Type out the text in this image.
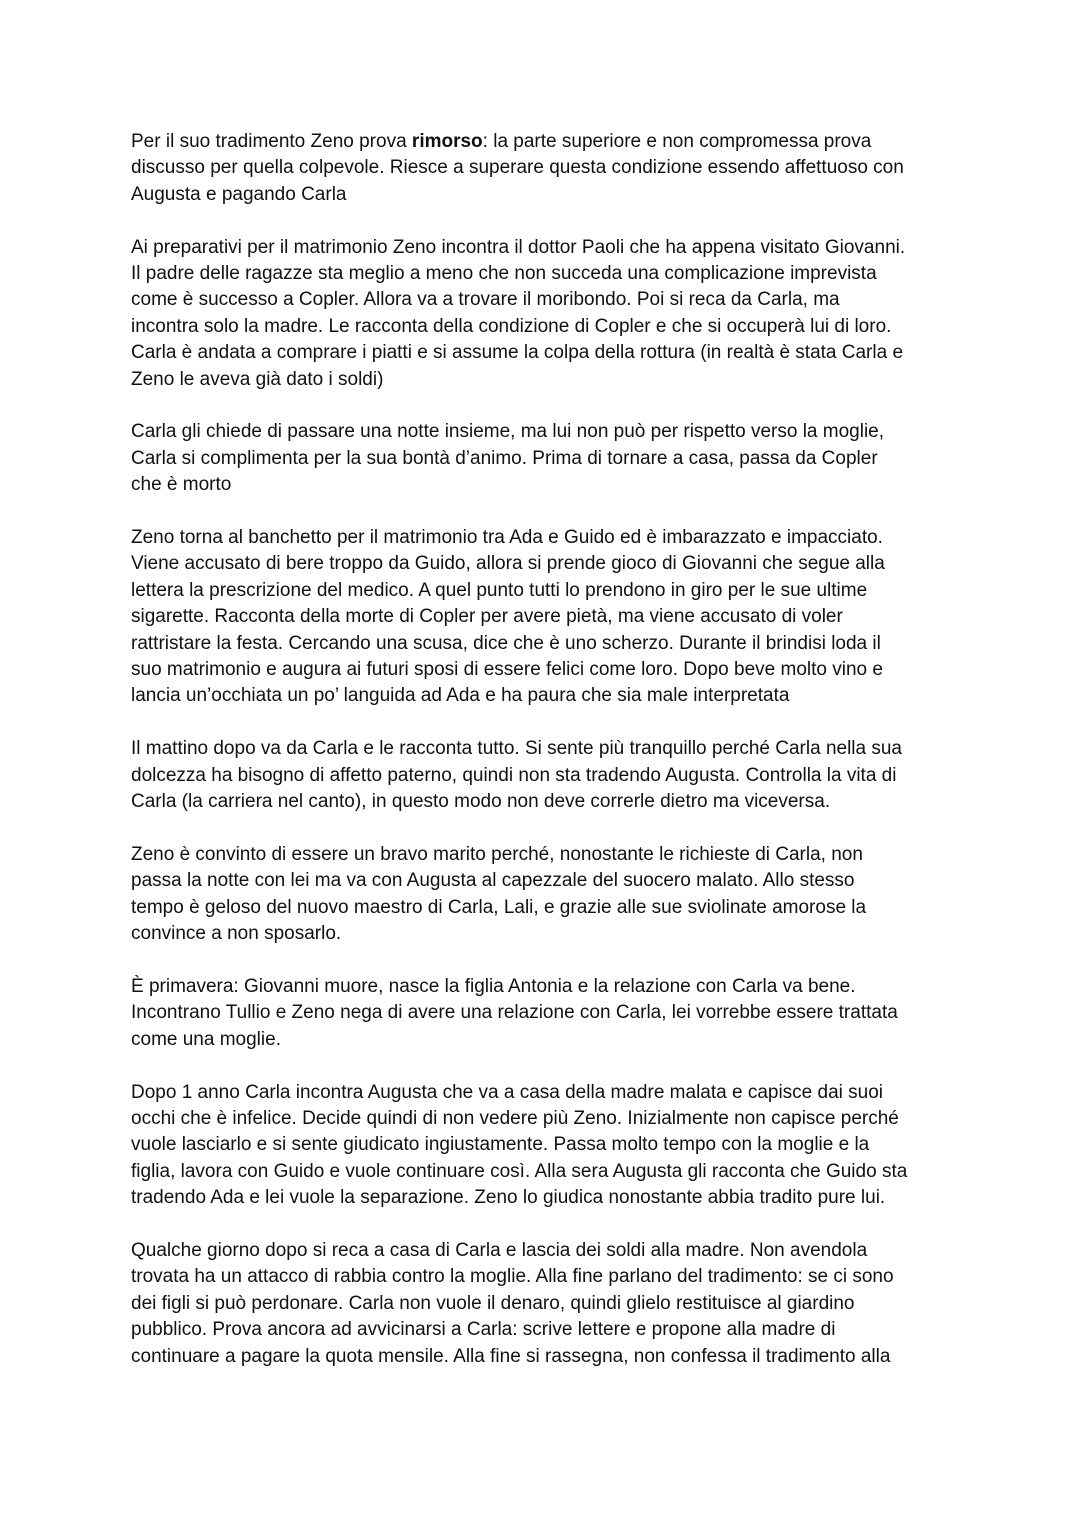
Per il suo tradimento Zeno prova rimorso: la parte superiore e non compromessa prova
discusso per quella colpevole. Riesce a superare questa condizione essendo affettuoso con
Augusta e pagando Carla

Ai preparativi per il matrimonio Zeno incontra il dottor Paoli che ha appena visitato Giovanni.
Il padre delle ragazze sta meglio a meno che non succeda una complicazione imprevista
come è successo a Copler. Allora va a trovare il moribondo. Poi si reca da Carla, ma
incontra solo la madre. Le racconta della condizione di Copler e che si occuperà lui di loro.
Carla è andata a comprare i piatti e si assume la colpa della rottura (in realtà è stata Carla e
Zeno le aveva già dato i soldi)

Carla gli chiede di passare una notte insieme, ma lui non può per rispetto verso la moglie,
Carla si complimenta per la sua bontà d’animo. Prima di tornare a casa, passa da Copler
che è morto

Zeno torna al banchetto per il matrimonio tra Ada e Guido ed è imbarazzato e impacciato.
Viene accusato di bere troppo da Guido, allora si prende gioco di Giovanni che segue alla
lettera la prescrizione del medico. A quel punto tutti lo prendono in giro per le sue ultime
sigarette. Racconta della morte di Copler per avere pietà, ma viene accusato di voler
rattristare la festa. Cercando una scusa, dice che è uno scherzo. Durante il brindisi loda il
suo matrimonio e augura ai futuri sposi di essere felici come loro. Dopo beve molto vino e
lancia un’occhiata un po’ languida ad Ada e ha paura che sia male interpretata

Il mattino dopo va da Carla e le racconta tutto. Si sente più tranquillo perché Carla nella sua
dolcezza ha bisogno di affetto paterno, quindi non sta tradendo Augusta. Controlla la vita di
Carla (la carriera nel canto), in questo modo non deve correrle dietro ma viceversa.

Zeno è convinto di essere un bravo marito perché, nonostante le richieste di Carla, non
passa la notte con lei ma va con Augusta al capezzale del suocero malato. Allo stesso
tempo è geloso del nuovo maestro di Carla, Lali, e grazie alle sue sviolinate amorose la
convince a non sposarlo.

È primavera: Giovanni muore, nasce la figlia Antonia e la relazione con Carla va bene.
Incontrano Tullio e Zeno nega di avere una relazione con Carla, lei vorrebbe essere trattata
come una moglie.

Dopo 1 anno Carla incontra Augusta che va a casa della madre malata e capisce dai suoi
occhi che è infelice. Decide quindi di non vedere più Zeno. Inizialmente non capisce perché
vuole lasciarlo e si sente giudicato ingiustamente. Passa molto tempo con la moglie e la
figlia, lavora con Guido e vuole continuare così. Alla sera Augusta gli racconta che Guido sta
tradendo Ada e lei vuole la separazione. Zeno lo giudica nonostante abbia tradito pure lui.

Qualche giorno dopo si reca a casa di Carla e lascia dei soldi alla madre. Non avendola
trovata ha un attacco di rabbia contro la moglie. Alla fine parlano del tradimento: se ci sono
dei figli si può perdonare. Carla non vuole il denaro, quindi glielo restituisce al giardino
pubblico. Prova ancora ad avvicinarsi a Carla: scrive lettere e propone alla madre di
continuare a pagare la quota mensile. Alla fine si rassegna, non confessa il tradimento alla
